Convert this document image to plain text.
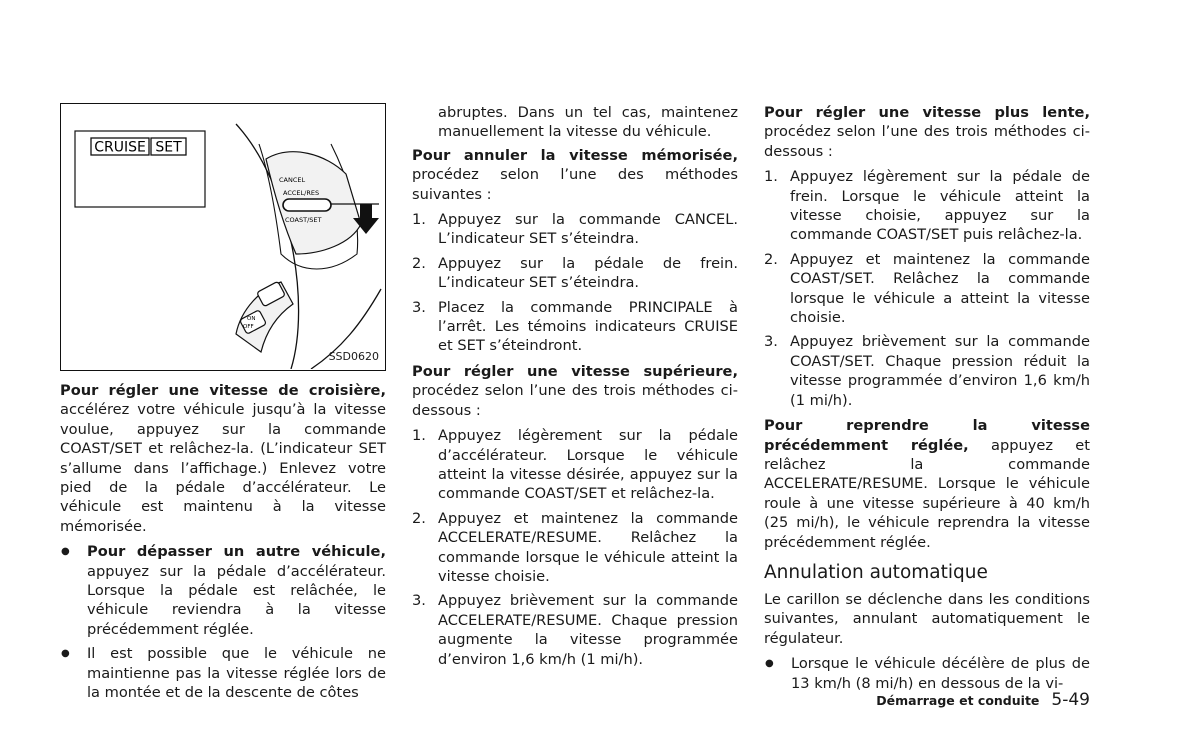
CRUISE SET
CANCEL
ACCEL/RES
COAST/SET
ON
OFF
SSD0620

Pour régler une vitesse de croisière, accélérez votre véhicule jusqu’à la vitesse voulue, appuyez sur la commande COAST/SET et relâchez-la. (L’indicateur SET s’allume dans l’affichage.) Enlevez votre pied de la pédale d’accélérateur. Le véhicule est maintenu à la vitesse mémorisée.

● Pour dépasser un autre véhicule, appuyez sur la pédale d’accélérateur. Lorsque la pédale est relâchée, le véhicule reviendra à la vitesse précédemment réglée.
● Il est possible que le véhicule ne maintienne pas la vitesse réglée lors de la montée et de la descente de côtes
abruptes. Dans un tel cas, maintenez manuellement la vitesse du véhicule.

Pour annuler la vitesse mémorisée, procédez selon l’une des méthodes suivantes :

1. Appuyez sur la commande CANCEL. L’indicateur SET s’éteindra.
2. Appuyez sur la pédale de frein. L’indicateur SET s’éteindra.
3. Placez la commande PRINCIPALE à l’arrêt. Les témoins indicateurs CRUISE et SET s’éteindront.

Pour régler une vitesse supérieure, procédez selon l’une des trois méthodes ci-dessous :

1. Appuyez légèrement sur la pédale d’accélérateur. Lorsque le véhicule atteint la vitesse désirée, appuyez sur la commande COAST/SET et relâchez-la.
2. Appuyez et maintenez la commande ACCELERATE/RESUME. Relâchez la commande lorsque le véhicule atteint la vitesse choisie.
3. Appuyez brièvement sur la commande ACCELERATE/RESUME. Chaque pression augmente la vitesse programmée d’environ 1,6 km/h (1 mi/h).

Pour régler une vitesse plus lente, procédez selon l’une des trois méthodes ci-dessous :

1. Appuyez légèrement sur la pédale de frein. Lorsque le véhicule atteint la vitesse choisie, appuyez sur la commande COAST/SET puis relâchez-la.
2. Appuyez et maintenez la commande COAST/SET. Relâchez la commande lorsque le véhicule a atteint la vitesse choisie.
3. Appuyez brièvement sur la commande COAST/SET. Chaque pression réduit la vitesse programmée d’environ 1,6 km/h (1 mi/h).

Pour reprendre la vitesse précédemment réglée, appuyez et relâchez la commande ACCELERATE/RESUME. Lorsque le véhicule roule à une vitesse supérieure à 40 km/h (25 mi/h), le véhicule reprendra la vitesse précédemment réglée.

Annulation automatique

Le carillon se déclenche dans les conditions suivantes, annulant automatiquement le régulateur.

● Lorsque le véhicule décélère de plus de 13 km/h (8 mi/h) en dessous de la vi-
Démarrage et conduite 5-49
